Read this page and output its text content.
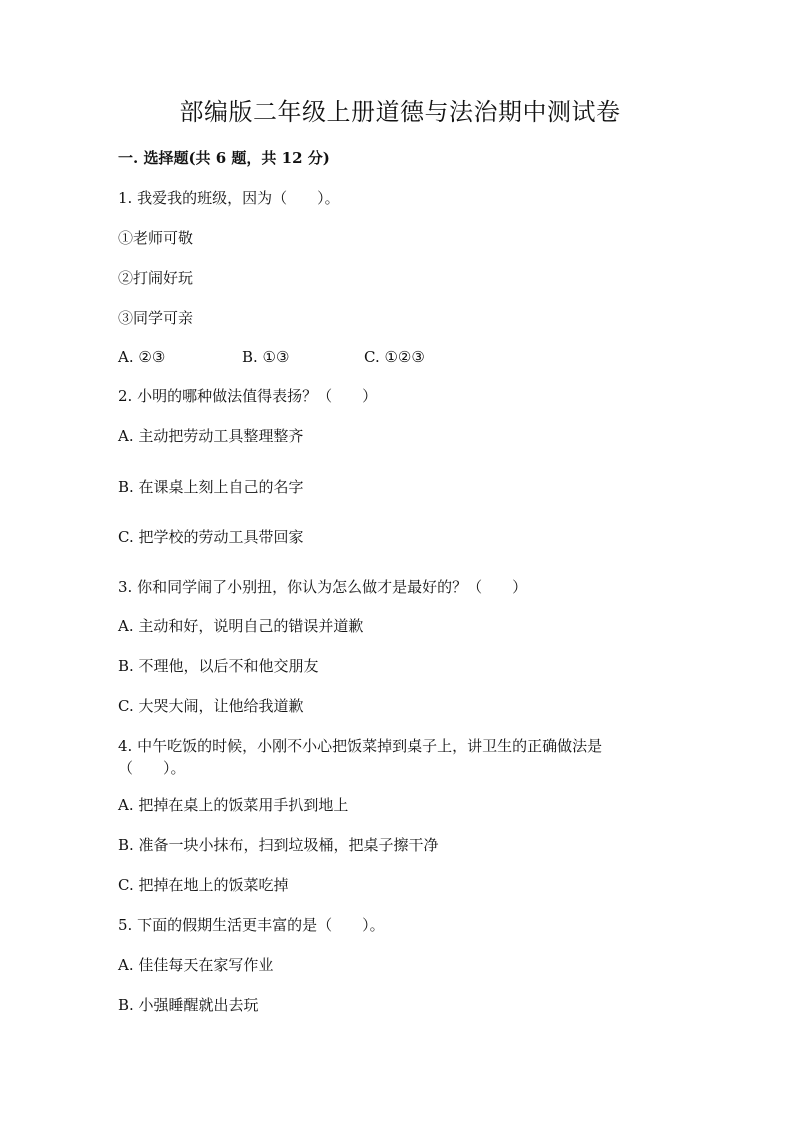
部编版二年级上册道德与法治期中测试卷
一. 选择题(共 6 题，共 12 分)
1. 我爱我的班级，因为（　　）。
①老师可敬
②打闹好玩
③同学可亲
A. ②③	B. ①③	C. ①②③
2. 小明的哪种做法值得表扬？（　　）
A. 主动把劳动工具整理整齐
B. 在课桌上刻上自己的名字
C. 把学校的劳动工具带回家
3. 你和同学闹了小别扭，你认为怎么做才是最好的？（　　）
A. 主动和好，说明自己的错误并道歉
B. 不理他，以后不和他交朋友
C. 大哭大闹，让他给我道歉
4. 中午吃饭的时候，小刚不小心把饭菜掉到桌子上，讲卫生的正确做法是（　　）。
A. 把掉在桌上的饭菜用手扒到地上
B. 准备一块小抹布，扫到垃圾桶，把桌子擦干净
C. 把掉在地上的饭菜吃掉
5. 下面的假期生活更丰富的是（　　）。
A. 佳佳每天在家写作业
B. 小强睡醒就出去玩
